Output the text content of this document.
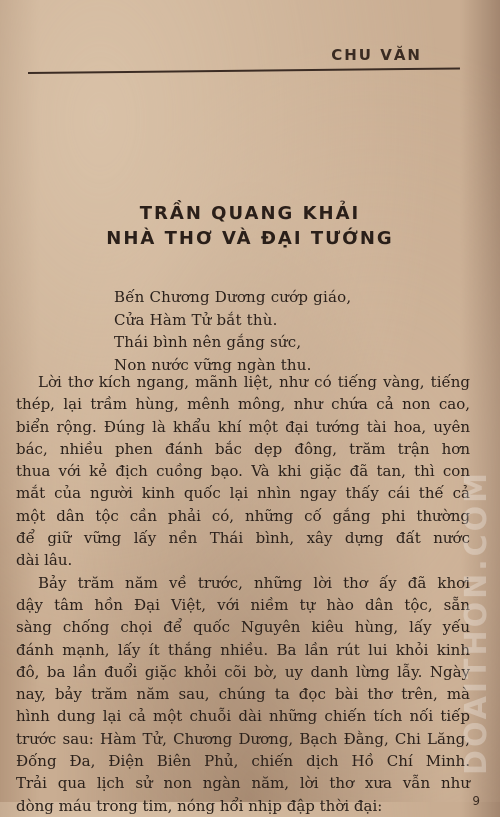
CHU VĂN
TRẦN QUANG KHẢI
NHÀ THƠ VÀ ĐẠI TƯỚNG
Bến Chương Dương cướp giáo,
Cửa Hàm Tử bắt thù.
Thái bình nên gắng sức,
Non nước vững ngàn thu.
Lời thơ kích ngang, mãnh liệt, như có tiếng vàng, tiếng
thép, lại trầm hùng, mênh mông, như chứa cả non cao,
biển rộng. Đúng là khẩu khí một đại tướng tài hoa, uyên
bác, nhiều phen đánh bắc dẹp đông, trăm trận hơn
thua với kẻ địch cuồng bạo. Và khi giặc đã tan, thì con
mắt của người kinh quốc lại nhìn ngay thấy cái thế cả
một dân tộc cần phải có, những cố gắng phi thường
để giữ vững lấy nền Thái bình, xây dựng đất nước
dài lâu.
Bảy trăm năm về trước, những lời thơ ấy đã khơi
dậy tâm hồn Đại Việt, với niềm tự hào dân tộc, sẵn
sàng chống chọi để quốc Nguyên kiêu hùng, lấy yếu
đánh mạnh, lấy ít thắng nhiều. Ba lần rút lui khỏi kinh
đô, ba lần đuổi giặc khỏi cõi bờ, uy danh lừng lẫy. Ngày
nay, bảy trăm năm sau, chúng ta đọc bài thơ trên, mà
hình dung lại cả một chuỗi dài những chiến tích nối tiếp
trước sau: Hàm Tử, Chương Dương, Bạch Đằng, Chi Lăng,
Đống Đa, Điện Biên Phủ, chiến dịch Hồ Chí Minh.
Trải qua lịch sử non ngàn năm, lời thơ xưa vẫn như
dòng máu trong tim, nóng hổi nhịp đập thời đại:
DOAITHON.COM
9
